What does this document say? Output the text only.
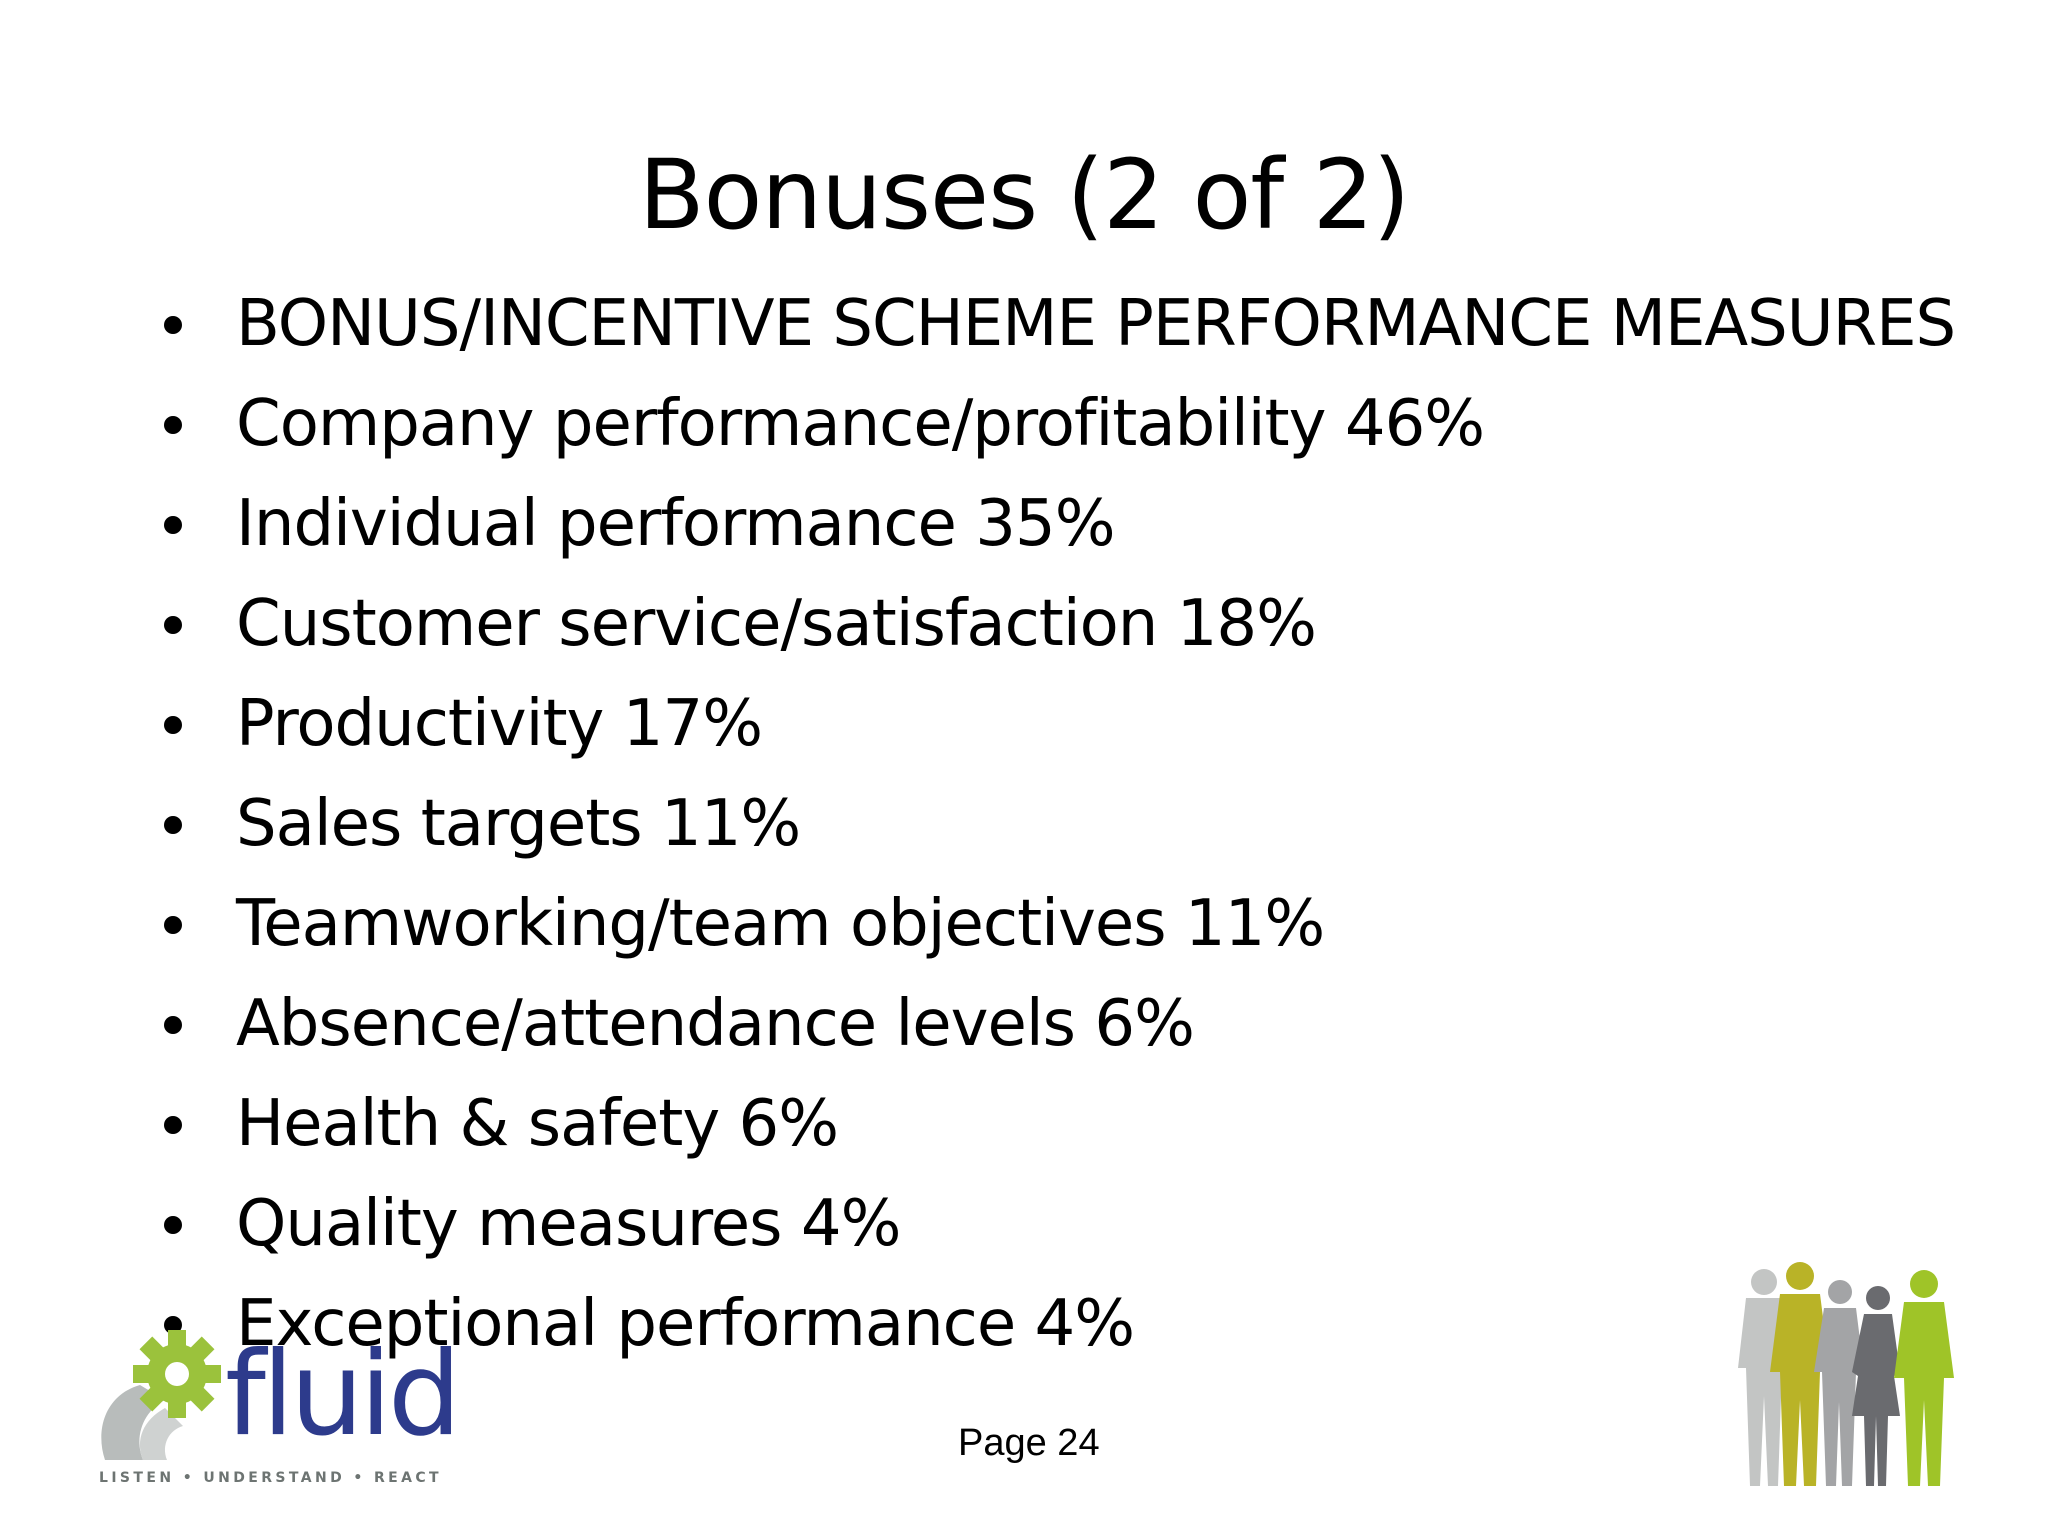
Bonuses (2 of 2)
BONUS/INCENTIVE SCHEME PERFORMANCE MEASURES
Company performance/profitability 46%
Individual performance 35%
Customer service/satisfaction 18%
Productivity 17%
Sales targets 11%
Teamworking/team objectives 11%
Absence/attendance levels 6%
Health & safety 6%
Quality measures 4%
Exceptional performance 4%
fluid
LISTEN • UNDERSTAND • REACT
Page 24
